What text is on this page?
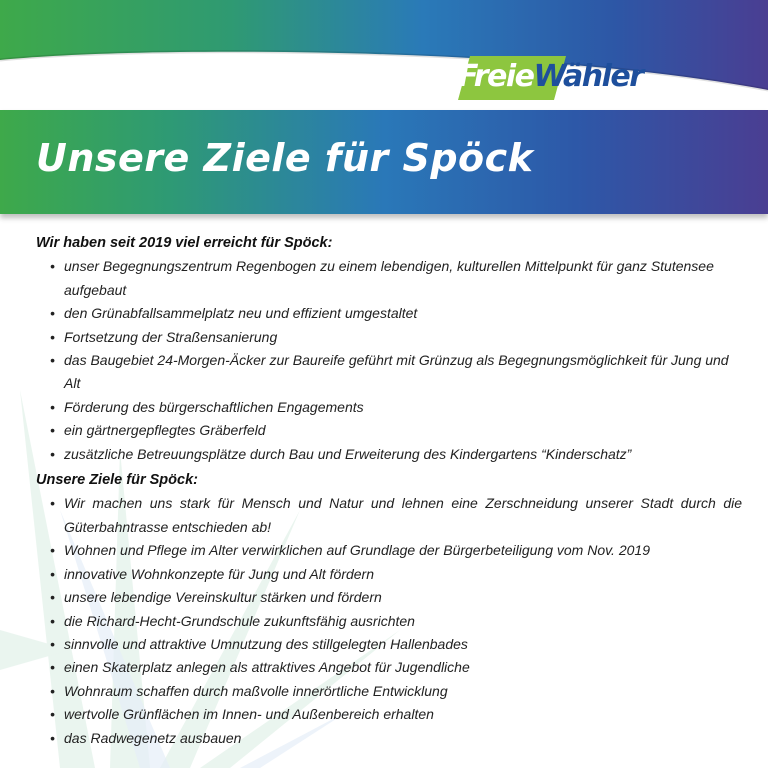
FreieWähler
Unsere Ziele für Spöck

Wir haben seit 2019 viel erreicht für Spöck:

• unser Begegnungszentrum Regenbogen zu einem lebendigen, kulturellen Mittelpunkt für ganz Stutensee aufgebaut
• den Grünabfallsammelplatz neu und effizient umgestaltet
• Fortsetzung der Straßensanierung
• das Baugebiet 24-Morgen-Äcker zur Baureife geführt mit Grünzug als Begegnungsmöglichkeit für Jung und Alt
• Förderung des bürgerschaftlichen Engagements
• ein gärtnergepflegtes Gräberfeld
• zusätzliche Betreuungsplätze durch Bau und Erweiterung des Kindergartens “Kinderschatz”

Unsere Ziele für Spöck:

• Wir machen uns stark für Mensch und Natur und lehnen eine Zerschneidung unserer Stadt durch die Güterbahntrasse entschieden ab!
• Wohnen und Pflege im Alter verwirklichen auf Grundlage der Bürgerbeteiligung vom Nov. 2019
• innovative Wohnkonzepte für Jung und Alt fördern
• unsere lebendige Vereinskultur stärken und fördern
• die Richard-Hecht-Grundschule zukunftsfähig ausrichten
• sinnvolle und attraktive Umnutzung des stillgelegten Hallenbades
• einen Skaterplatz anlegen als attraktives Angebot für Jugendliche
• Wohnraum schaffen durch maßvolle innerörtliche Entwicklung
• wertvolle Grünflächen im Innen- und Außenbereich erhalten
• das Radwegenetz ausbauen
